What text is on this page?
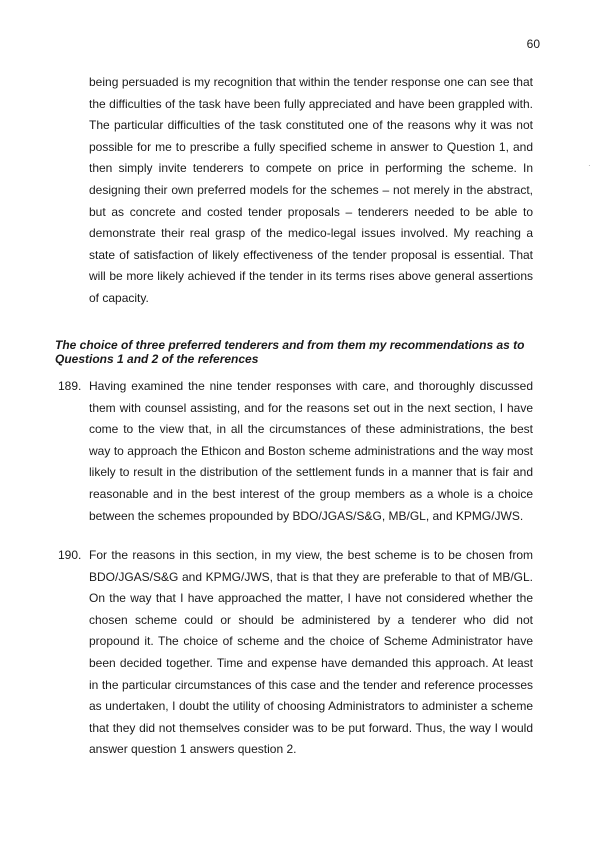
60
·
being persuaded is my recognition that within the tender response one can see that the difficulties of the task have been fully appreciated and have been grappled with. The particular difficulties of the task constituted one of the reasons why it was not possible for me to prescribe a fully specified scheme in answer to Question 1, and then simply invite tenderers to compete on price in performing the scheme. In designing their own preferred models for the schemes – not merely in the abstract, but as concrete and costed tender proposals – tenderers needed to be able to demonstrate their real grasp of the medico-legal issues involved. My reaching a state of satisfaction of likely effectiveness of the tender proposal is essential. That will be more likely achieved if the tender in its terms rises above general assertions of capacity.
The choice of three preferred tenderers and from them my recommendations as to Questions 1 and 2 of the references
189. Having examined the nine tender responses with care, and thoroughly discussed them with counsel assisting, and for the reasons set out in the next section, I have come to the view that, in all the circumstances of these administrations, the best way to approach the Ethicon and Boston scheme administrations and the way most likely to result in the distribution of the settlement funds in a manner that is fair and reasonable and in the best interest of the group members as a whole is a choice between the schemes propounded by BDO/JGAS/S&G, MB/GL, and KPMG/JWS.
190. For the reasons in this section, in my view, the best scheme is to be chosen from BDO/JGAS/S&G and KPMG/JWS, that is that they are preferable to that of MB/GL. On the way that I have approached the matter, I have not considered whether the chosen scheme could or should be administered by a tenderer who did not propound it. The choice of scheme and the choice of Scheme Administrator have been decided together. Time and expense have demanded this approach. At least in the particular circumstances of this case and the tender and reference processes as undertaken, I doubt the utility of choosing Administrators to administer a scheme that they did not themselves consider was to be put forward. Thus, the way I would answer question 1 answers question 2.
